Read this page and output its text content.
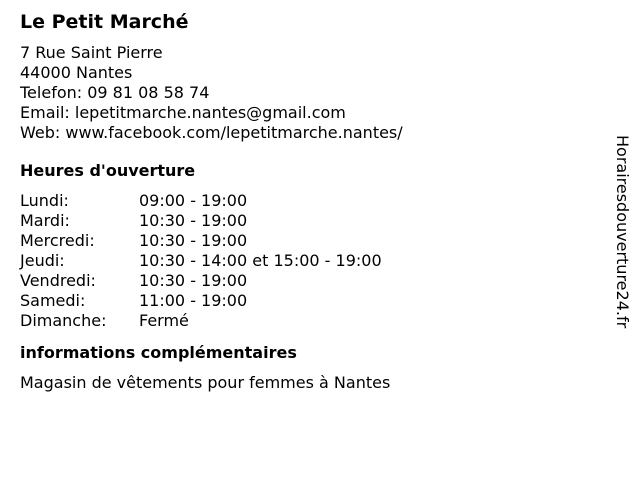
Le Petit Marché
7 Rue Saint Pierre
44000 Nantes
Telefon: 09 81 08 58 74
Email: lepetitmarche.nantes@gmail.com
Web: www.facebook.com/lepetitmarche.nantes/
Heures d'ouverture
Lundi:	09:00 - 19:00
Mardi:	10:30 - 19:00
Mercredi:	10:30 - 19:00
Jeudi:	10:30 - 14:00 et 15:00 - 19:00
Vendredi:	10:30 - 19:00
Samedi:	11:00 - 19:00
Dimanche:	Fermé
informations complémentaires
Magasin de vêtements pour femmes à Nantes
Horairesdouverture24.fr
